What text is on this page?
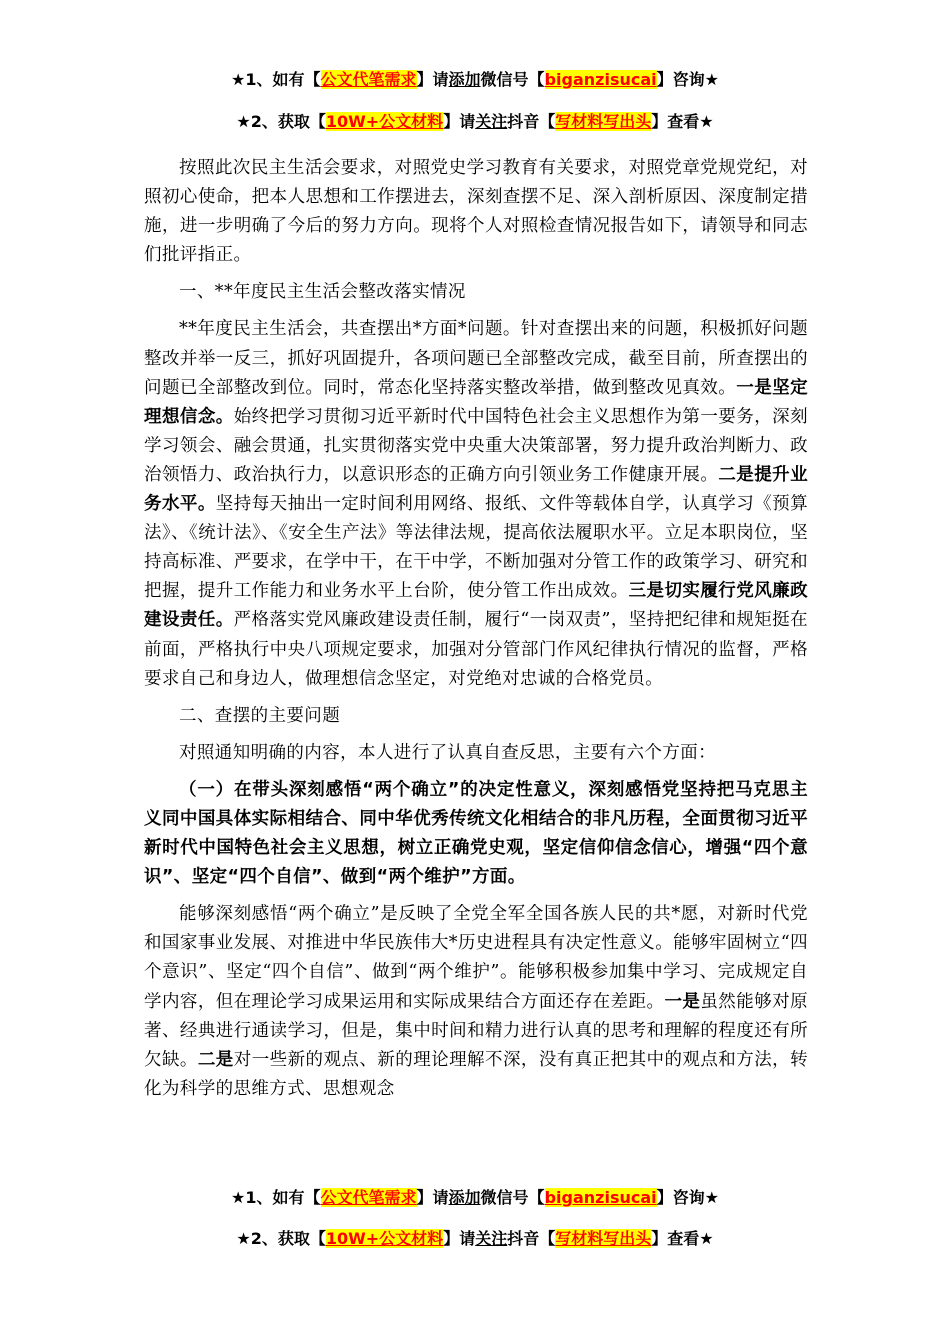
★1、如有【公文代笔需求】请添加微信号【biganzisucai】咨询★
★2、获取【10W+公文材料】请关注抖音【写材料写出头】查看★

按照此次民主生活会要求，对照党史学习教育有关要求，对照党章党规党纪，对照初心使命，把本人思想和工作摆进去，深刻查摆不足、深入剖析原因、深度制定措施，进一步明确了今后的努力方向。现将个人对照检查情况报告如下，请领导和同志们批评指正。

一、**年度民主生活会整改落实情况

**年度民主生活会，共查摆出*方面*问题。针对查摆出来的问题，积极抓好问题整改并举一反三，抓好巩固提升，各项问题已全部整改完成，截至目前，所查摆出的问题已全部整改到位。同时，常态化坚持落实整改举措，做到整改见真效。一是坚定理想信念。始终把学习贯彻习近平新时代中国特色社会主义思想作为第一要务，深刻学习领会、融会贯通，扎实贯彻落实党中央重大决策部署，努力提升政治判断力、政治领悟力、政治执行力，以意识形态的正确方向引领业务工作健康开展。二是提升业务水平。坚持每天抽出一定时间利用网络、报纸、文件等载体自学，认真学习《预算法》、《统计法》、《安全生产法》等法律法规，提高依法履职水平。立足本职岗位，坚持高标准、严要求，在学中干，在干中学，不断加强对分管工作的政策学习、研究和把握，提升工作能力和业务水平上台阶，使分管工作出成效。三是切实履行党风廉政建设责任。严格落实党风廉政建设责任制，履行“一岗双责”，坚持把纪律和规矩挺在前面，严格执行中央八项规定要求，加强对分管部门作风纪律执行情况的监督，严格要求自己和身边人，做理想信念坚定，对党绝对忠诚的合格党员。

二、查摆的主要问题

对照通知明确的内容，本人进行了认真自查反思，主要有六个方面：

（一）在带头深刻感悟“两个确立”的决定性意义，深刻感悟党坚持把马克思主义同中国具体实际相结合、同中华优秀传统文化相结合的非凡历程，全面贯彻习近平新时代中国特色社会主义思想，树立正确党史观，坚定信仰信念信心，增强“四个意识”、坚定“四个自信”、做到“两个维护”方面。

能够深刻感悟“两个确立”是反映了全党全军全国各族人民的共*愿，对新时代党和国家事业发展、对推进中华民族伟大*历史进程具有决定性意义。能够牢固树立“四个意识”、坚定“四个自信”、做到“两个维护”。能够积极参加集中学习、完成规定自学内容，但在理论学习成果运用和实际成果结合方面还存在差距。一是虽然能够对原著、经典进行通读学习，但是，集中时间和精力进行认真的思考和理解的程度还有所欠缺。二是对一些新的观点、新的理论理解不深，没有真正把其中的观点和方法，转化为科学的思维方式、思想观念

★1、如有【公文代笔需求】请添加微信号【biganzisucai】咨询★
★2、获取【10W+公文材料】请关注抖音【写材料写出头】查看★
